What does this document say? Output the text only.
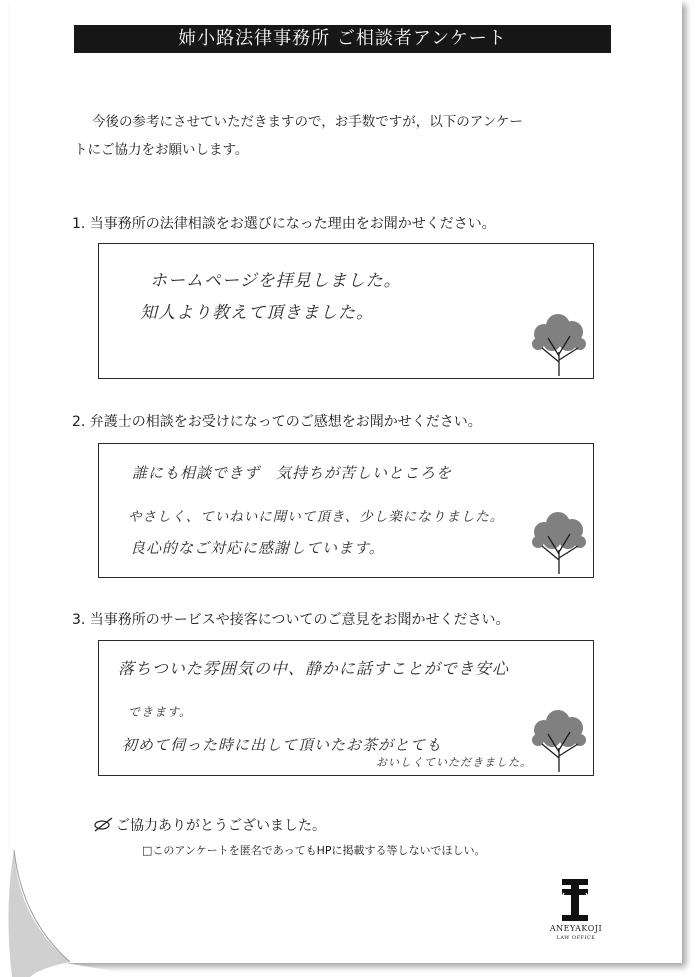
姉小路法律事務所 ご相談者アンケート
今後の参考にさせていただきますので，お手数ですが，以下のアンケー
トにご協力をお願いします。
1. 当事務所の法律相談をお選びになった理由をお聞かせください。
ホームページを拝見しました。
知人より教えて頂きました。
2. 弁護士の相談をお受けになってのご感想をお聞かせください。
誰にも相談できず　気持ちが苦しいところを
やさしく、ていねいに聞いて頂き、少し楽になりました。
良心的なご対応に感謝しています。
3. 当事務所のサービスや接客についてのご意見をお聞かせください。
落ちついた雰囲気の中、静かに話すことができ安心
できます。
初めて伺った時に出して頂いたお茶がとても
おいしくていただきました。
ご協力ありがとうございました。
□このアンケートを匿名であってもHPに掲載する等しないでほしい。
ANEYAKOJI
LAW OFFICE
